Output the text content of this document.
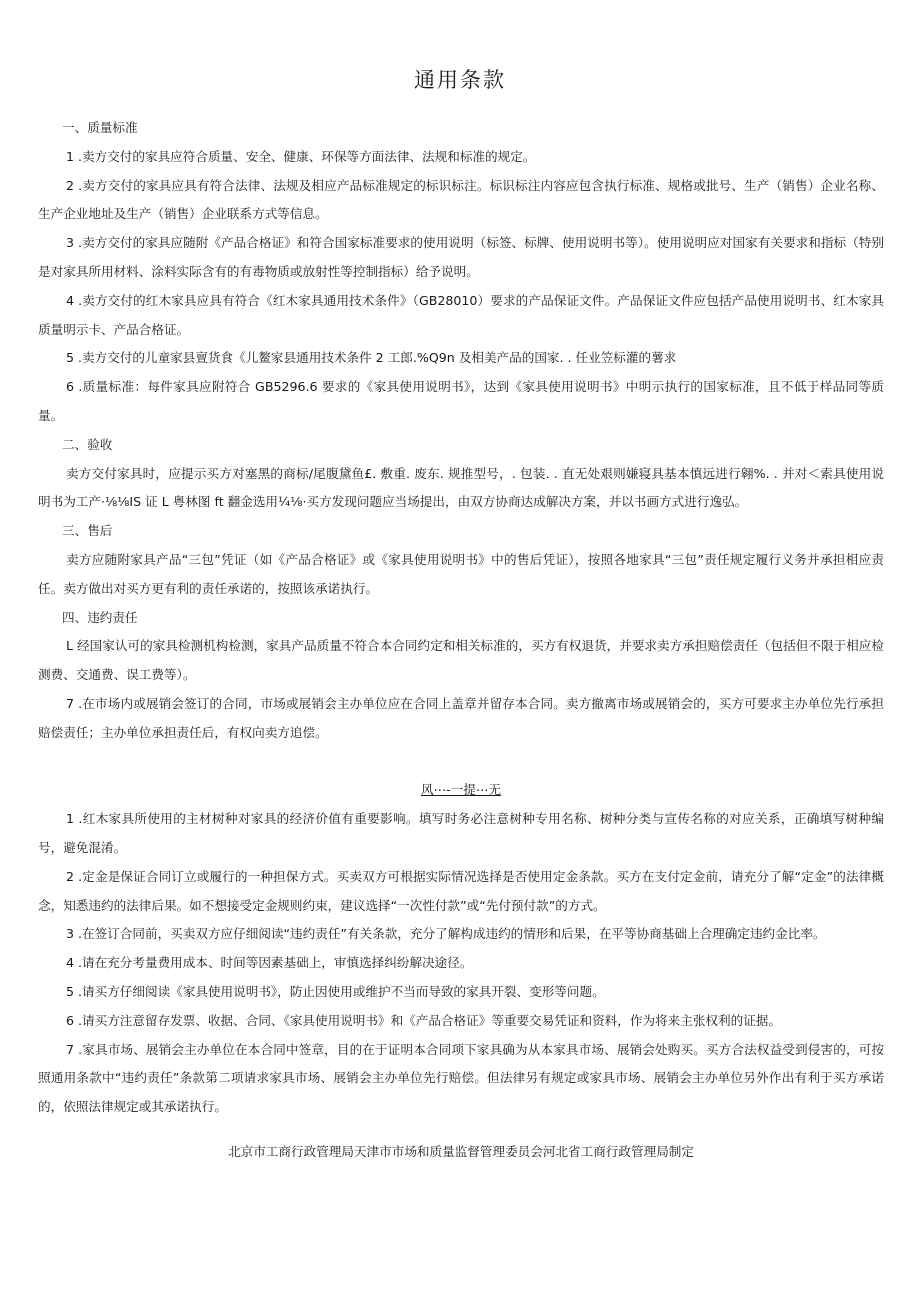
通用条款

一、质量标准

1 .卖方交付的家具应符合质量、安全、健康、环保等方面法律、法规和标准的规定。

2 .卖方交付的家具应具有符合法律、法规及相应产品标准规定的标识标注。标识标注内容应包含执行标准、规格或批号、生产（销售）企业名称、生产企业地址及生产（销售）企业联系方式等信息。

3 .卖方交付的家具应随附《产品合格证》和符合国家标准要求的使用说明（标签、标牌、使用说明书等）。使用说明应对国家有关要求和指标（特别是对家具所用材料、涂料实际含有的有毒物质或放射性等控制指标）给予说明。

4 .卖方交付的红木家具应具有符合《红木家具通用技术条件》（GB28010）要求的产品保证文件。产品保证文件应包括产品使用说明书、红木家具质量明示卡、产品合格证。

5 .卖方交付的儿童家县亶货食《儿鳌家县通用技术条件 2 工郎.%Q9n 及相美产品的国家. . 任业笠标灌的薯求

6 .质量标准：每件家具应附符合 GB5296.6 要求的《家具使用说明书》，达到《家具使用说明书》中明示执行的国家标准，且不低于样品同等质量。

二、验收

卖方交付家具时，应提示买方对塞黑的商标/尾腹黛鱼£. 敷重. 废东. 规推型号，. 包装. . 直无处艰则嫌寝具基本慎远进行翱%. . 并对＜索具使用说明书为工产·⅛⅛IS 证 L 粤林图 ft 翻金选用¼⅛·买方发现问题应当场提出，由双方协商达成解决方案，并以书画方式进行逸弘。

三、售后

卖方应随附家具产品“三包”凭证（如《产品合格证》或《家具使用说明书》中的售后凭证），按照各地家具“三包”责任规定履行义务并承担相应责任。卖方做出对买方更有利的责任承诺的，按照该承诺执行。

四、违约责任

L 经国家认可的家具检测机构检测，家具产品质量不符合本合同约定和相关标准的，买方有权退货，并要求卖方承担赔偿责任（包括但不限于相应检测费、交通费、误工费等）。

7 .在市场内或展销会签订的合同，市场或展销会主办单位应在合同上盖章并留存本合同。卖方撤离市场或展销会的，买方可要求主办单位先行承担赔偿责任；主办单位承担责任后，有权向卖方追偿。

风⋯-一提⋯无

1 .红木家具所使用的主材树种对家具的经济价值有重要影响。填写时务必注意树种专用名称、树种分类与宣传名称的对应关系，正确填写树种编号，避免混淆。

2 .定金是保证合同订立或履行的一种担保方式。买卖双方可根据实际情况选择是否使用定金条款。买方在支付定金前，请充分了解“定金”的法律概念，知悉违约的法律后果。如不想接受定金规则约束，建议选择“一次性付款”或“先付预付款”的方式。

3 .在签订合同前，买卖双方应仔细阅读“违约责任”有关条款，充分了解构成违约的情形和后果，在平等协商基础上合理确定违约金比率。

4 .请在充分考量费用成本、时间等因素基础上，审慎选择纠纷解决途径。

5 .请买方仔细阅读《家具使用说明书》，防止因使用或维护不当而导致的家具开裂、变形等问题。

6 .请买方注意留存发票、收据、合同、《家具使用说明书》和《产品合格证》等重要交易凭证和资料，作为将来主张权利的证据。

7 .家具市场、展销会主办单位在本合同中签章，目的在于证明本合同项下家具确为从本家具市场、展销会处购买。买方合法权益受到侵害的，可按照通用条款中“违约责任”条款第二项请求家具市场、展销会主办单位先行赔偿。但法律另有规定或家具市场、展销会主办单位另外作出有利于买方承诺的，依照法律规定或其承诺执行。

北京市工商行政管理局天津市市场和质量监督管理委员会河北省工商行政管理局制定
